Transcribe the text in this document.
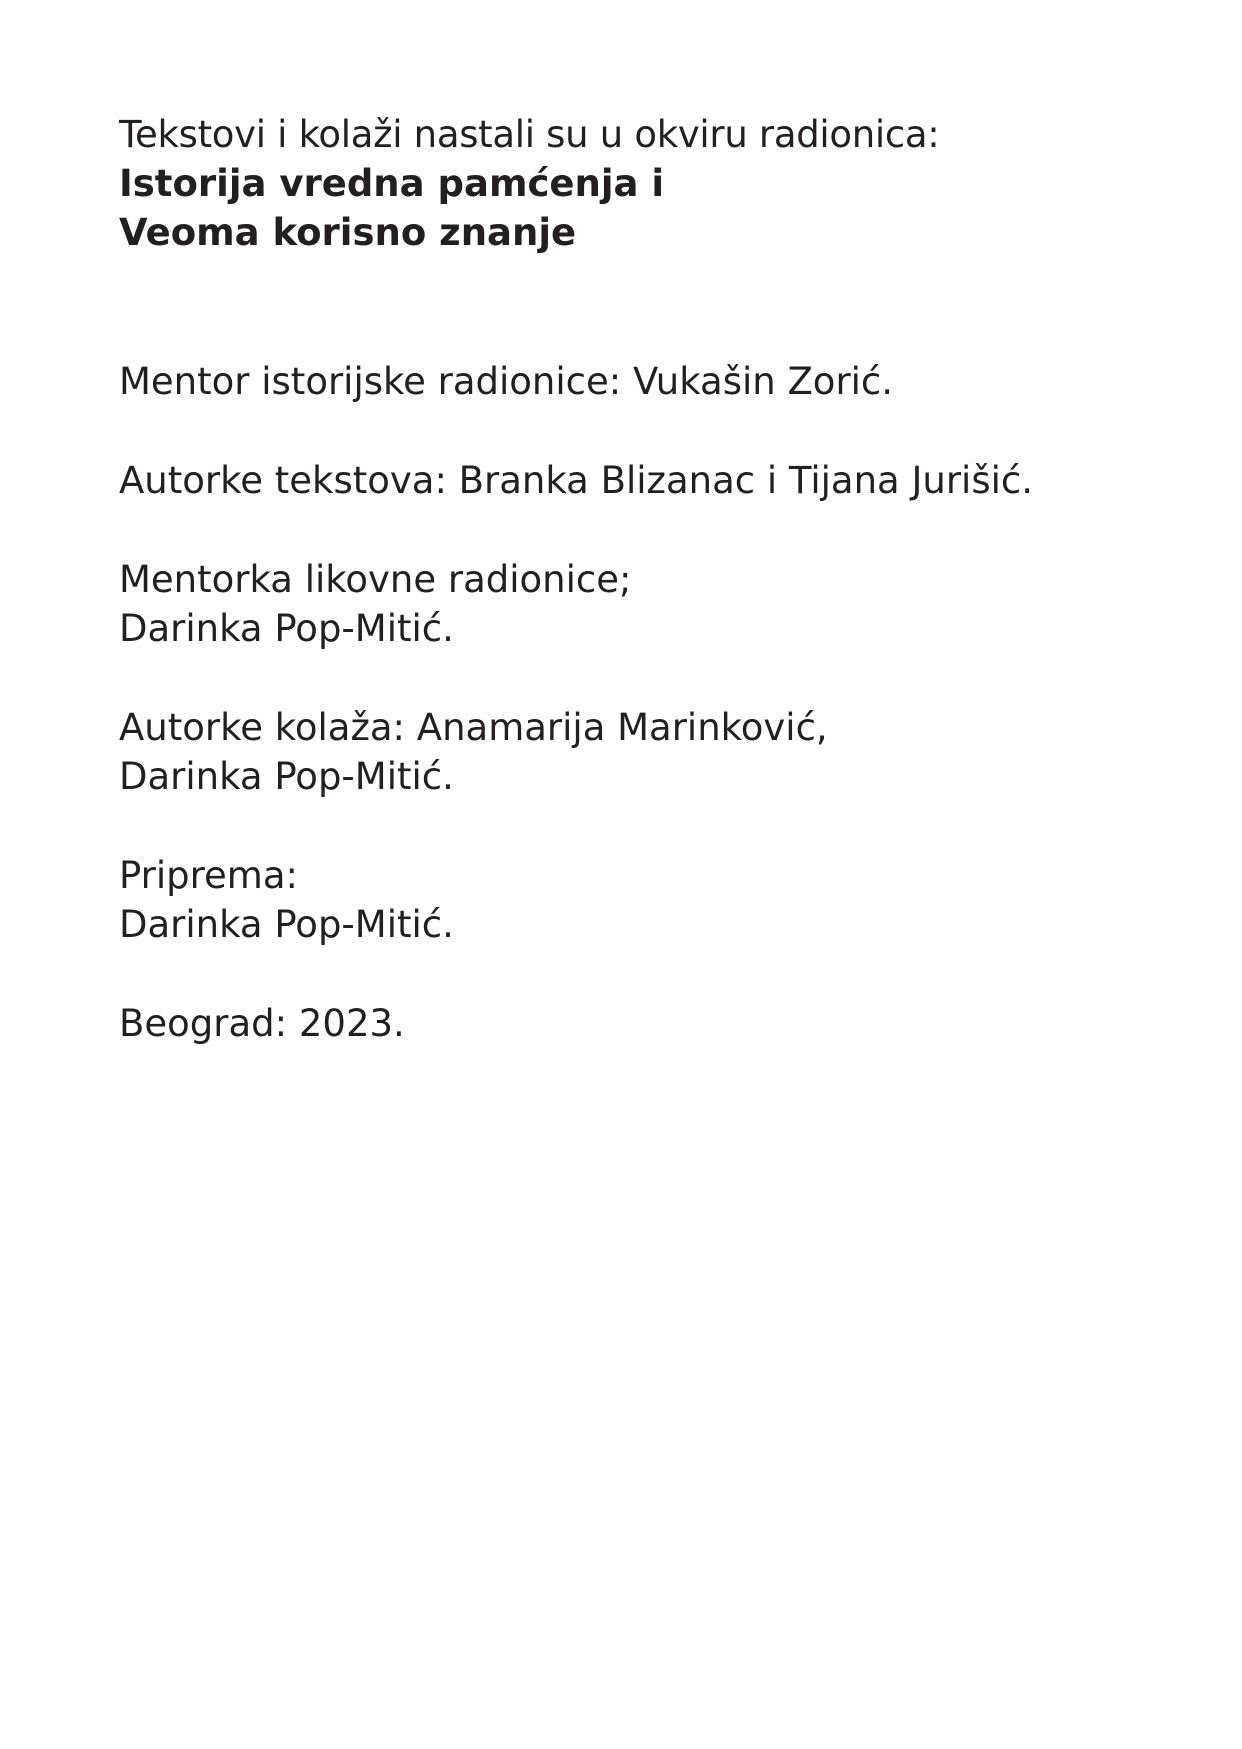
Tekstovi i kolaži nastali su u okviru radionica:
Istorija vredna pamćenja i
Veoma korisno znanje
Mentor istorijske radionice: Vukašin Zorić.
Autorke tekstova: Branka Blizanac i Tijana Jurišić.
Mentorka likovne radionice;
Darinka Pop-Mitić.
Autorke kolaža: Anamarija Marinković,
Darinka Pop-Mitić.
Priprema:
Darinka Pop-Mitić.
Beograd: 2023.
